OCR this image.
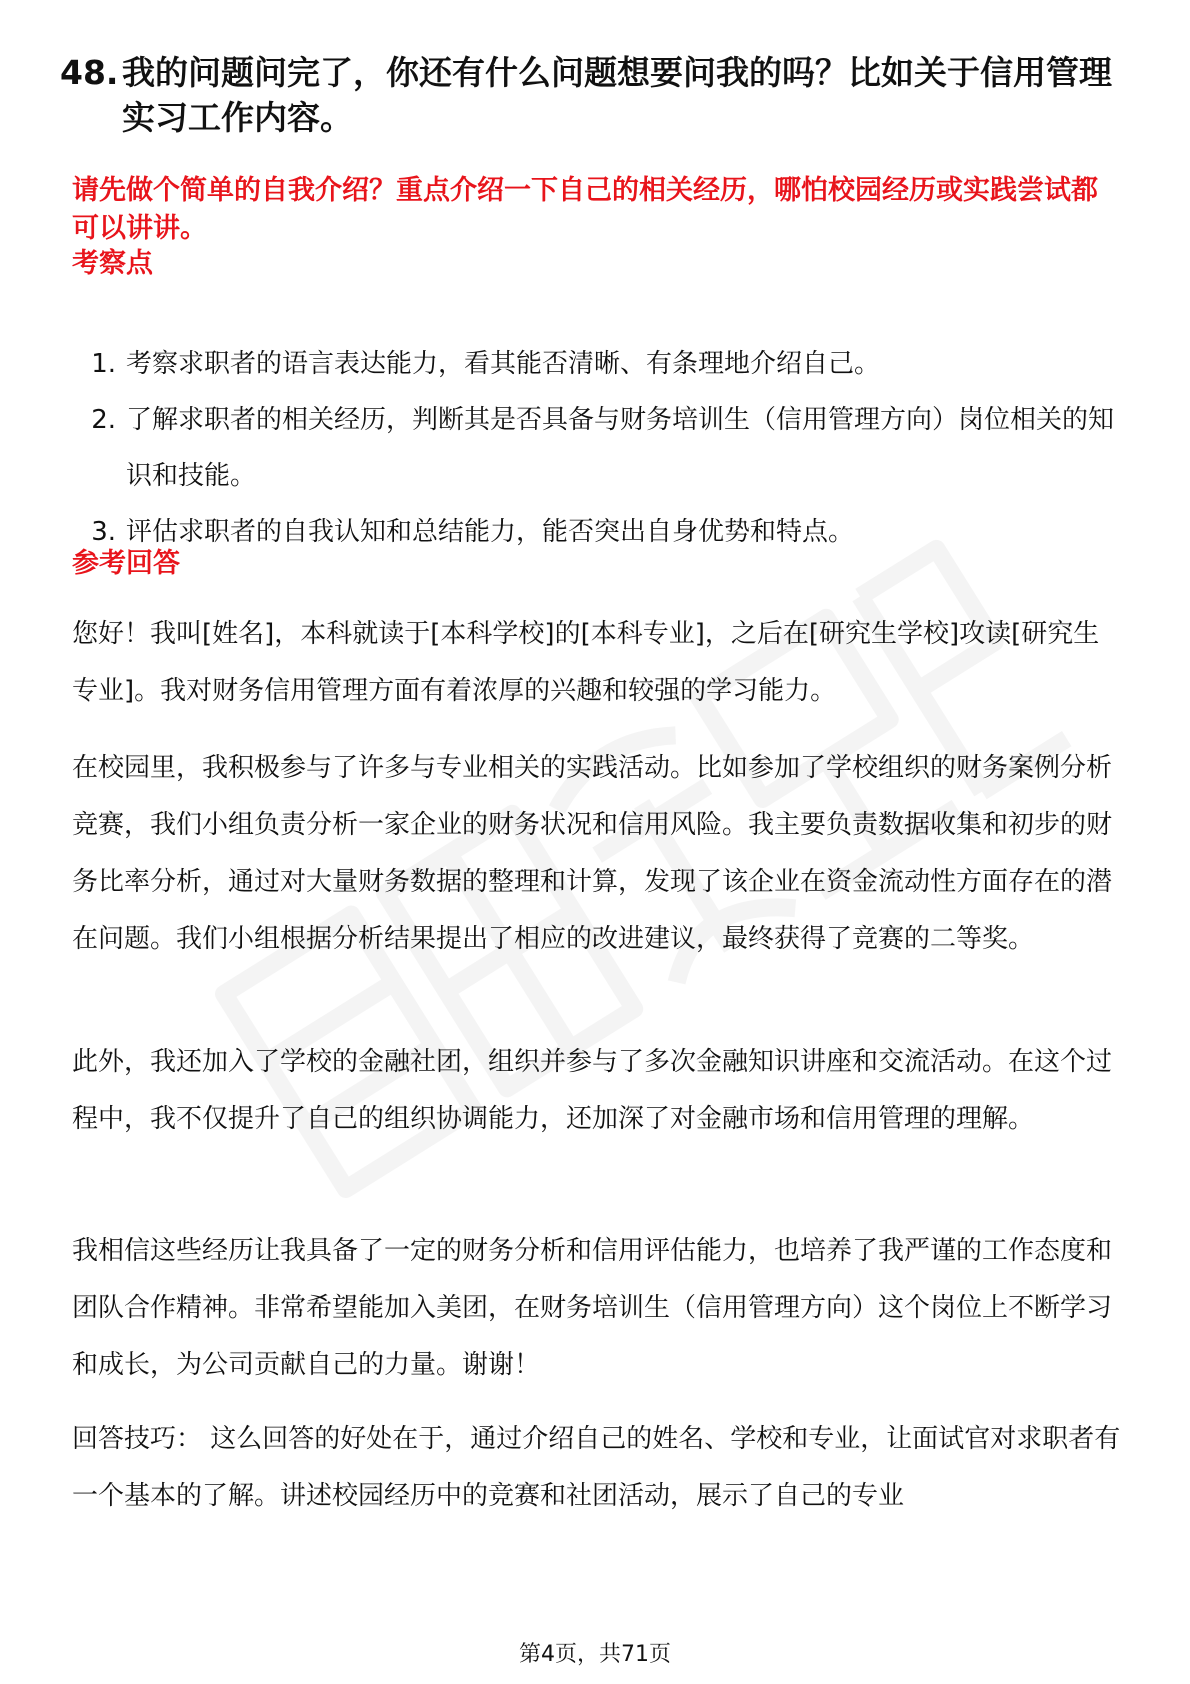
48. 我的问题问完了，你还有什么问题想要问我的吗？比如关于信用管理实习工作内容。
请先做个简单的自我介绍？重点介绍一下自己的相关经历，哪怕校园经历或实践尝试都可以讲讲。
考察点
1. 考察求职者的语言表达能力，看其能否清晰、有条理地介绍自己。
2. 了解求职者的相关经历，判断其是否具备与财务培训生（信用管理方向）岗位相关的知识和技能。
3. 评估求职者的自我认知和总结能力，能否突出自身优势和特点。
参考回答

您好！我叫[姓名]，本科就读于[本科学校]的[本科专业]，之后在[研究生学校]攻读[研究生专业]。我对财务信用管理方面有着浓厚的兴趣和较强的学习能力。

在校园里，我积极参与了许多与专业相关的实践活动。比如参加了学校组织的财务案例分析竞赛，我们小组负责分析一家企业的财务状况和信用风险。我主要负责数据收集和初步的财务比率分析，通过对大量财务数据的整理和计算，发现了该企业在资金流动性方面存在的潜在问题。我们小组根据分析结果提出了相应的改进建议，最终获得了竞赛的二等奖。

此外，我还加入了学校的金融社团，组织并参与了多次金融知识讲座和交流活动。在这个过程中，我不仅提升了自己的组织协调能力，还加深了对金融市场和信用管理的理解。

我相信这些经历让我具备了一定的财务分析和信用评估能力，也培养了我严谨的工作态度和团队合作精神。非常希望能加入美团，在财务培训生（信用管理方向）这个岗位上不断学习和成长，为公司贡献自己的力量。谢谢！

回答技巧： 这么回答的好处在于，通过介绍自己的姓名、学校和专业，让面试官对求职者有一个基本的了解。讲述校园经历中的竞赛和社团活动，展示了自己的专业

第4页，共71页
